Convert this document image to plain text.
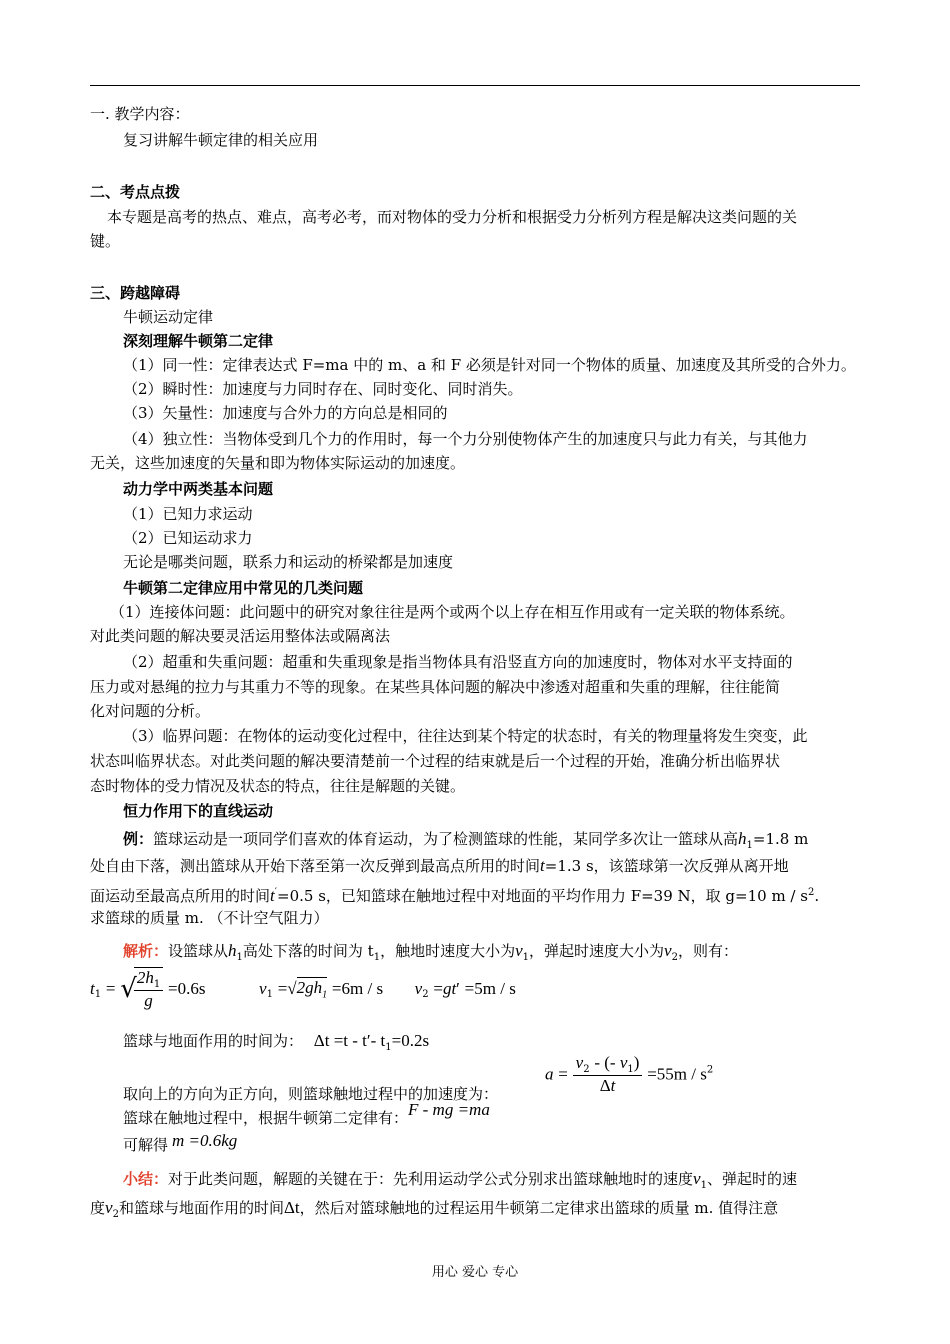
一. 教学内容：
复习讲解牛顿定律的相关应用
二、考点点拨
本专题是高考的热点、难点，高考必考，而对物体的受力分析和根据受力分析列方程是解决这类问题的关
键。
三、跨越障碍
牛顿运动定律
深刻理解牛顿第二定律
（1）同一性：定律表达式 F=ma 中的 m、a 和 F 必须是针对同一个物体的质量、加速度及其所受的合外力。
（2）瞬时性：加速度与力同时存在、同时变化、同时消失。
（3）矢量性：加速度与合外力的方向总是相同的
（4）独立性：当物体受到几个力的作用时，每一个力分别使物体产生的加速度只与此力有关，与其他力
无关，这些加速度的矢量和即为物体实际运动的加速度。
动力学中两类基本问题
（1）已知力求运动
（2）已知运动求力
无论是哪类问题，联系力和运动的桥梁都是加速度
牛顿第二定律应用中常见的几类问题
（1）连接体问题：此问题中的研究对象往往是两个或两个以上存在相互作用或有一定关联的物体系统。
对此类问题的解决要灵活运用整体法或隔离法
（2）超重和失重问题：超重和失重现象是指当物体具有沿竖直方向的加速度时，物体对水平支持面的
压力或对悬绳的拉力与其重力不等的现象。在某些具体问题的解决中渗透对超重和失重的理解，往往能简
化对问题的分析。
（3）临界问题：在物体的运动变化过程中，往往达到某个特定的状态时，有关的物理量将发生突变，此
状态叫临界状态。对此类问题的解决要清楚前一个过程的结束就是后一个过程的开始，准确分析出临界状
态时物体的受力情况及状态的特点，往往是解题的关键。
恒力作用下的直线运动
例：篮球运动是一项同学们喜欢的体育运动，为了检测篮球的性能，某同学多次让一篮球从高$h_1=1.8$ m
处自由下落，测出篮球从开始下落至第一次反弹到最高点所用的时间t=1.3 s，该篮球第一次反弹从离开地
面运动至最高点所用的时间t′=0.5 s，已知篮球在触地过程中对地面的平均作用力 F=39 N，取 g=10 m / $s^2$.
求篮球的质量 m. （不计空气阻力）
解析：设篮球从$h_1$高处下落的时间为 $t_1$，触地时速度大小为$v_1$，弹起时速度大小为$v_2$，则有：
$t_1$ = √
$\frac{2h_1}{g} =0.6s$	$v_1 =√2gh_1 =6m / s$ $v_2 =gt' =5m / s$
篮球与地面作用的时间为： Δt =t - t′- $t_1=0.2s$
$a = \frac{v_2 - (- v_1)}{\Delta t} =55m / s^2$
取向上的方向为正方向，则篮球触地过程中的加速度为：
篮球在触地过程中，根据牛顿第二定律有：F - mg =ma
可解得 m =0.6kg
小结：对于此类问题，解题的关键在于：先利用运动学公式分别求出篮球触地时的速度$v_1$、弹起时的速
度$v_2$和篮球与地面作用的时间Δt，然后对篮球触地的过程运用牛顿第二定律求出篮球的质量 m. 值得注意
用心 爱心 专心
